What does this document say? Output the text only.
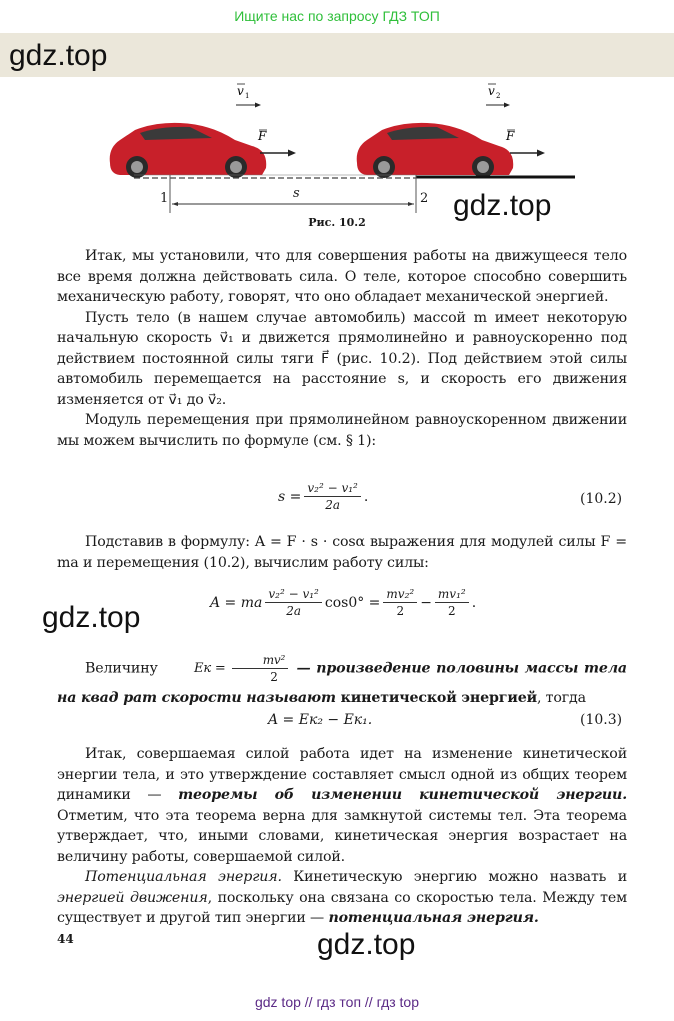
Ищите нас по запросу ГДЗ ТОП
gdz.top
v 1	v 2
F	F
1	2
s	gdz.top
Рис. 10.2

Итак, мы установили, что для совершения работы на движущееся тело все время должна действовать сила. О теле, которое способно совершить механическую работу, говорят, что оно обладает механической энергией.

Пусть тело (в нашем случае автомобиль) массой m имеет некоторую начальную скорость v⃗₁ и движется прямолинейно и равноускоренно под действием постоянной силы тяги F⃗ (рис. 10.2). Под действием этой силы автомобиль перемещается на расстояние s, и скорость его движения изменяется от v⃗₁ до v⃗₂.

Модуль перемещения при прямолинейном равноускоренном движении мы можем вычислить по формуле (см. § 1):

$s = \frac{\text{v₂² − v₁²}}{2a}$ .	(10.2)

Подставив в формулу: A = F · s · cosα выражения для модулей силы F = ma и перемещения (10.2), вычислим работу силы:

gdz.top	A = ma $\frac{\text{v₂² − v₁²}}{2a} \cos 0^\circ = \frac{\text{mv₂²}}{2} - \frac{\text{mv₁²}}{2}$ .

Величину	Eк = $\frac{\text{mv²}}{2}$ — произведение половины массы тела на квад рат скорости называют кинетической энергией, тогда

A = Eк₂ − Eк₁.	(10.3)

Итак, совершаемая силой работа идет на изменение кинетической энергии тела, и это утверждение составляет смысл одной из общих теорем динамики — теоремы об изменении кинетической энергии. Отметим, что эта теорема верна для замкнутой системы тел. Эта теорема утверждает, что, иными словами, кинетическая энергия возрастает на величину работы, совершаемой силой.

Потенциальная энергия. Кинетическую энергию можно назвать и энергией движения, поскольку она связана со скоростью тела. Между тем существует и другой тип энергии — потенциальная энергия.

44	gdz.top
gdz top // гдз топ // гдз top
